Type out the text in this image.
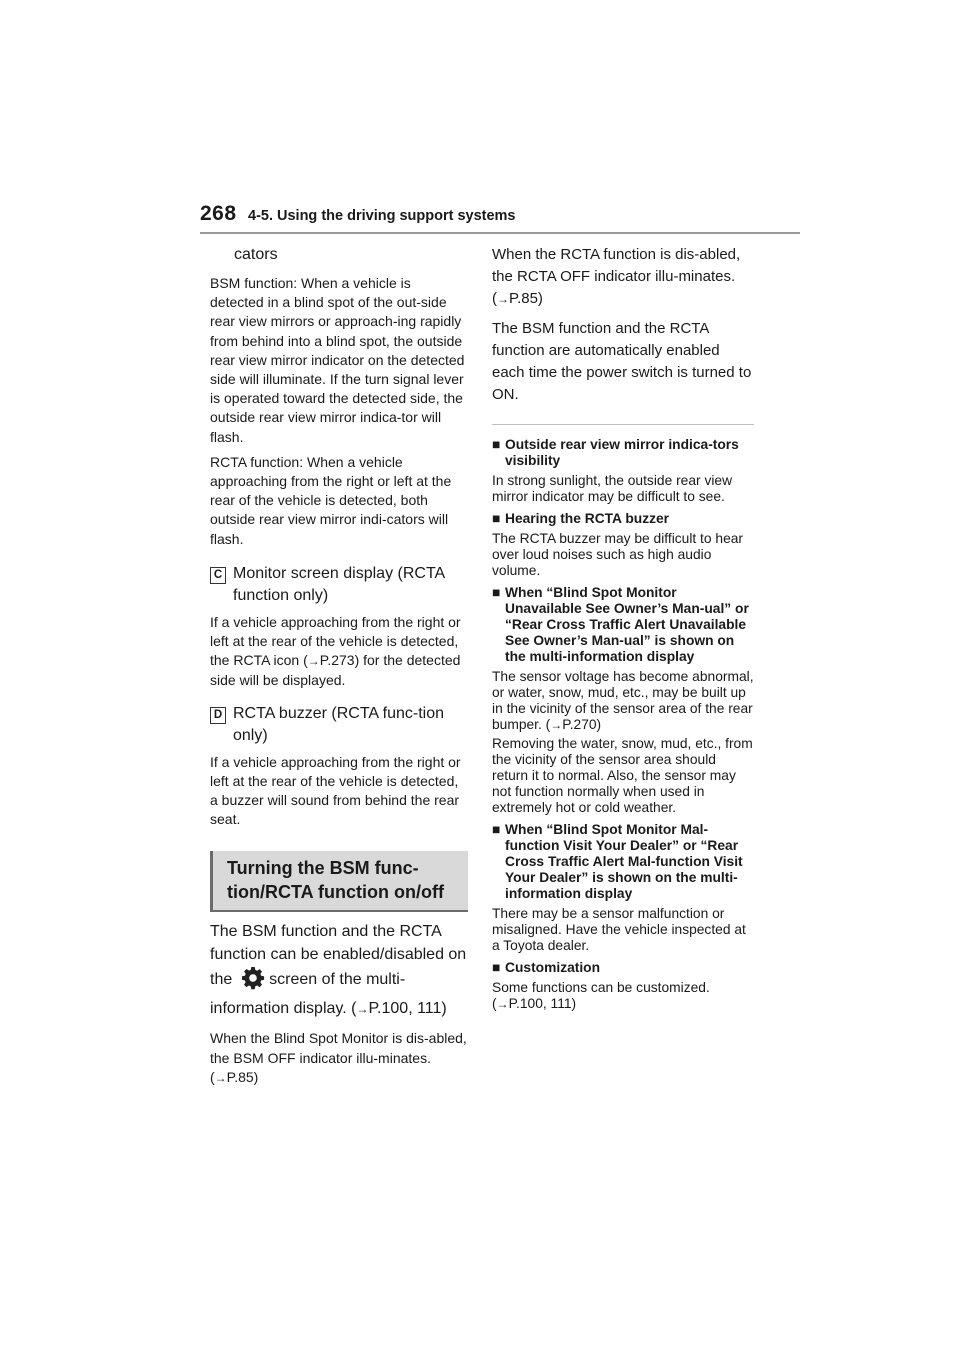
268 4-5. Using the driving support systems

cators

BSM function: When a vehicle is detected in a blind spot of the out-side rear view mirrors or approach-ing rapidly from behind into a blind spot, the outside rear view mirror indicator on the detected side will illuminate. If the turn signal lever is operated toward the detected side, the outside rear view mirror indica-tor will flash.

RCTA function: When a vehicle approaching from the right or left at the rear of the vehicle is detected, both outside rear view mirror indi-cators will flash.

C Monitor screen display (RCTA function only)

If a vehicle approaching from the right or left at the rear of the vehicle is detected, the RCTA icon (→P.273) for the detected side will be displayed.

D RCTA buzzer (RCTA func-tion only)

If a vehicle approaching from the right or left at the rear of the vehicle is detected, a buzzer will sound from behind the rear seat.

Turning the BSM func-tion/RCTA function on/off

The BSM function and the RCTA function can be enabled/disabled on the  screen of the multi-information display. (→P.100, 111)

When the Blind Spot Monitor is dis-abled, the BSM OFF indicator illu-minates. (→P.85)

When the RCTA function is dis-abled, the RCTA OFF indicator illu-minates. (→P.85)

The BSM function and the RCTA function are automatically enabled each time the power switch is turned to ON.

■ Outside rear view mirror indica-tors visibility

In strong sunlight, the outside rear view mirror indicator may be difficult to see.

■ Hearing the RCTA buzzer

The RCTA buzzer may be difficult to hear over loud noises such as high audio volume.

■ When “Blind Spot Monitor Unavailable See Owner’s Man-ual” or “Rear Cross Traffic Alert Unavailable See Owner’s Man-ual” is shown on the multi-information display

The sensor voltage has become abnormal, or water, snow, mud, etc., may be built up in the vicinity of the sensor area of the rear bumper. (→P.270)

Removing the water, snow, mud, etc., from the vicinity of the sensor area should return it to normal. Also, the sensor may not function normally when used in extremely hot or cold weather.

■ When “Blind Spot Monitor Mal-function Visit Your Dealer” or “Rear Cross Traffic Alert Mal-function Visit Your Dealer” is shown on the multi-information display

There may be a sensor malfunction or misaligned. Have the vehicle inspected at a Toyota dealer.

■ Customization

Some functions can be customized. (→P.100, 111)
